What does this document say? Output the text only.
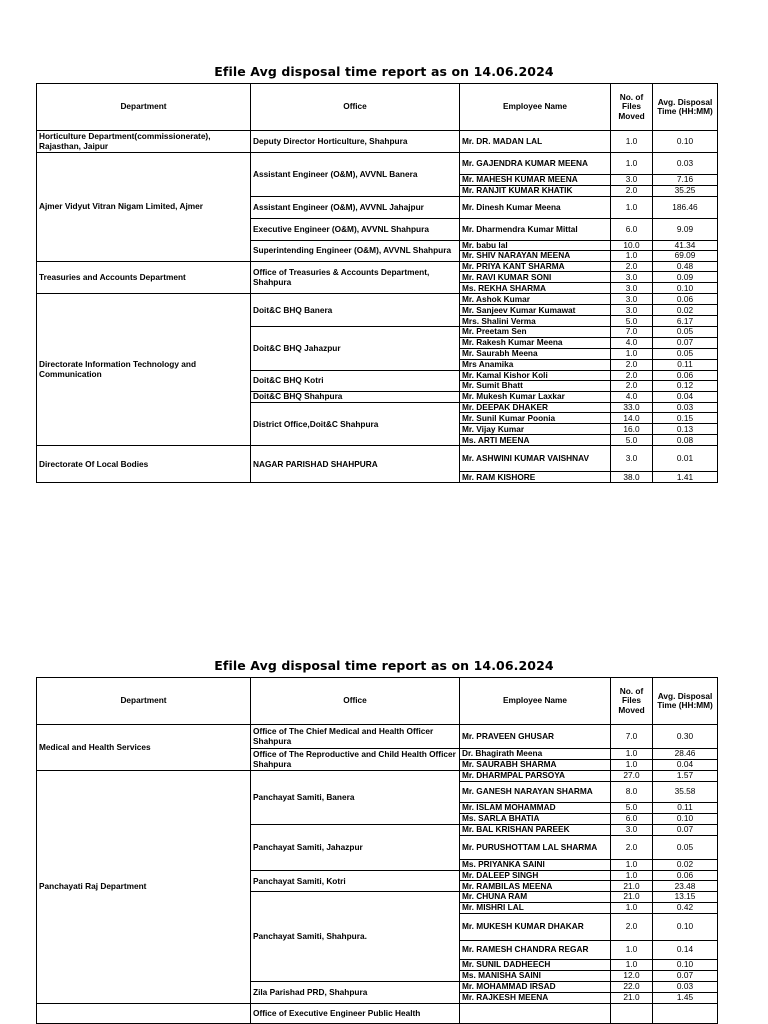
Efile Avg disposal time report as on 14.06.2024
Department	Office	Employee Name	No. of Files Moved	Avg. Disposal Time (HH:MM)
Horticulture Department(commissionerate), Rajasthan, Jaipur	Deputy Director Horticulture, Shahpura	Mr. DR. MADAN LAL	1.0	0.10
Ajmer Vidyut Vitran Nigam Limited, Ajmer	Assistant Engineer (O&M), AVVNL Banera	Mr. GAJENDRA KUMAR MEENA	1.0	0.03
		Mr. MAHESH KUMAR MEENA	3.0	7.16
		Mr. RANJIT KUMAR KHATIK	2.0	35.25
	Assistant Engineer (O&M), AVVNL Jahajpur	Mr. Dinesh Kumar Meena	1.0	186.46
	Executive Engineer (O&M), AVVNL Shahpura	Mr. Dharmendra Kumar Mittal	6.0	9.09
	Superintending Engineer (O&M), AVVNL Shahpura	Mr. babu lal	10.0	41.34
		Mr. SHIV NARAYAN MEENA	1.0	69.09
Treasuries and Accounts Department	Office of Treasuries & Accounts Department, Shahpura	Mr. PRIYA KANT SHARMA	2.0	0.48
		Mr. RAVI KUMAR SONI	3.0	0.09
		Ms. REKHA SHARMA	3.0	0.10
Directorate Information Technology and Communication	Doit&C BHQ Banera	Mr. Ashok Kumar	3.0	0.06
		Mr. Sanjeev Kumar Kumawat	3.0	0.02
		Mrs. Shalini Verma	5.0	6.17
	Doit&C BHQ Jahazpur	Mr. Preetam Sen	7.0	0.05
		Mr. Rakesh Kumar Meena	4.0	0.07
		Mr. Saurabh Meena	1.0	0.05
		Mrs Anamika	2.0	0.11
	Doit&C BHQ Kotri	Mr. Kamal Kishor Koli	2.0	0.06
		Mr. Sumit Bhatt	2.0	0.12
	Doit&C BHQ Shahpura	Mr. Mukesh Kumar Laxkar	4.0	0.04
	District Office,Doit&C Shahpura	Mr. DEEPAK DHAKER	33.0	0.03
		Mr. Sunil Kumar Poonia	14.0	0.15
		Mr. Vijay Kumar	16.0	0.13
		Ms. ARTI MEENA	5.0	0.08
Directorate Of Local Bodies	NAGAR PARISHAD SHAHPURA	Mr. ASHWINI KUMAR VAISHNAV	3.0	0.01
		Mr. RAM KISHORE	38.0	1.41
Efile Avg disposal time report as on 14.06.2024
Department	Office	Employee Name	No. of Files Moved	Avg. Disposal Time (HH:MM)
Medical and Health Services	Office of The Chief Medical and Health Officer Shahpura	Mr. PRAVEEN GHUSAR	7.0	0.30
	Office of The Reproductive and Child Health Officer Shahpura	Dr. Bhagirath Meena	1.0	28.46
		Mr. SAURABH SHARMA	1.0	0.04
Panchayati Raj Department	Panchayat Samiti, Banera	Mr. DHARMPAL PARSOYA	27.0	1.57
		Mr. GANESH NARAYAN SHARMA	8.0	35.58
		Mr. ISLAM MOHAMMAD	5.0	0.11
		Ms. SARLA BHATIA	6.0	0.10
	Panchayat Samiti, Jahazpur	Mr. BAL KRISHAN PAREEK	3.0	0.07
		Mr. PURUSHOTTAM LAL SHARMA	2.0	0.05
		Ms. PRIYANKA SAINI	1.0	0.02
	Panchayat Samiti, Kotri	Mr. DALEEP SINGH	1.0	0.06
		Mr. RAMBILAS MEENA	21.0	23.48
	Panchayat Samiti, Shahpura.	Mr. CHUNA RAM	21.0	13.15
		Mr. MISHRI LAL	1.0	0.42
		Mr. MUKESH KUMAR DHAKAR	2.0	0.10
		Mr. RAMESH CHANDRA REGAR	1.0	0.14
		Mr. SUNIL DADHEECH	1.0	0.10
		Ms. MANISHA SAINI	12.0	0.07
	Zila Parishad PRD, Shahpura	Mr. MOHAMMAD IRSAD	22.0	0.03
		Mr. RAJKESH MEENA	21.0	1.45
	Office of Executive Engineer Public Health			
